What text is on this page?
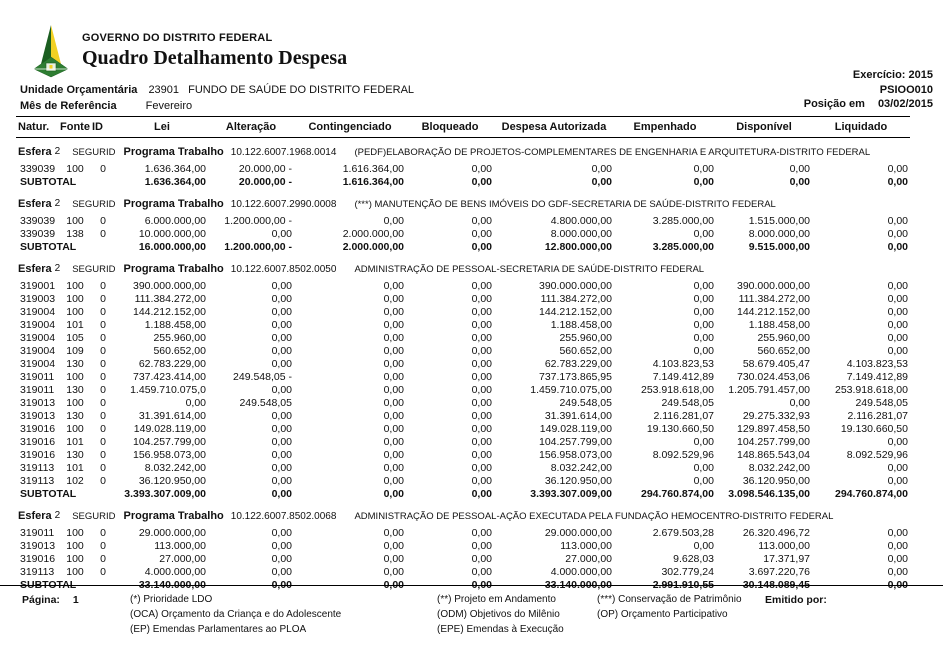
GOVERNO DO DISTRITO FEDERAL
Quadro Detalhamento Despesa
Exercício: 2015
PSIOO010
Unidade Orçamentária 23901 FUNDO DE SAÚDE DO DISTRITO FEDERAL
Mês de Referência	Fevereiro	Posição em 03/02/2015
Natur.	Fonte	ID	Lei	Alteração	Contingenciado	Bloqueado	Despesa Autorizada	Empenhado	Disponível	Liquidado
Esfera 2 SEGURID Programa Trabalho 10.122.6007.1968.0014 (PEDF)ELABORAÇÃO DE PROJETOS-COMPLEMENTARES DE ENGENHARIA E ARQUITETURA-DISTRITO FEDERAL										
339039	100	0	1.636.364,00	20.000,00 -	1.616.364,00	0,00	0,00	0,00	0,00	0,00
SUBTOTAL			1.636.364,00	20.000,00 -	1.616.364,00	0,00	0,00	0,00	0,00	0,00
Esfera 2 SEGURID Programa Trabalho 10.122.6007.2990.0008 (***) MANUTENÇÃO DE BENS IMÓVEIS DO GDF-SECRETARIA DE SAÚDE-DISTRITO FEDERAL										
339039	100	0	6.000.000,00	1.200.000,00 -	0,00	0,00	4.800.000,00	3.285.000,00	1.515.000,00	0,00
339039	138	0	10.000.000,00	0,00	2.000.000,00	0,00	8.000.000,00	0,00	8.000.000,00	0,00
SUBTOTAL			16.000.000,00	1.200.000,00 -	2.000.000,00	0,00	12.800.000,00	3.285.000,00	9.515.000,00	0,00
Esfera 2 SEGURID Programa Trabalho 10.122.6007.8502.0050 ADMINISTRAÇÃO DE PESSOAL-SECRETARIA DE SAÚDE-DISTRITO FEDERAL										
319001	100	0	390.000.000,00	0,00	0,00	0,00	390.000.000,00	0,00	390.000.000,00	0,00
319003	100	0	111.384.272,00	0,00	0,00	0,00	111.384.272,00	0,00	111.384.272,00	0,00
319004	100	0	144.212.152,00	0,00	0,00	0,00	144.212.152,00	0,00	144.212.152,00	0,00
319004	101	0	1.188.458,00	0,00	0,00	0,00	1.188.458,00	0,00	1.188.458,00	0,00
319004	105	0	255.960,00	0,00	0,00	0,00	255.960,00	0,00	255.960,00	0,00
319004	109	0	560.652,00	0,00	0,00	0,00	560.652,00	0,00	560.652,00	0,00
319004	130	0	62.783.229,00	0,00	0,00	0,00	62.783.229,00	4.103.823,53	58.679.405,47	4.103.823,53
319011	100	0	737.423.414,00	249.548,05 -	0,00	0,00	737.173.865,95	7.149.412,89	730.024.453,06	7.149.412,89
319011	130	0	1.459.710.075,0	0,00	0,00	0,00	1.459.710.075,00	253.918.618,00	1.205.791.457,00	253.918.618,00
319013	100	0	0,00	249.548,05	0,00	0,00	249.548,05	249.548,05	0,00	249.548,05
319013	130	0	31.391.614,00	0,00	0,00	0,00	31.391.614,00	2.116.281,07	29.275.332,93	2.116.281,07
319016	100	0	149.028.119,00	0,00	0,00	0,00	149.028.119,00	19.130.660,50	129.897.458,50	19.130.660,50
319016	101	0	104.257.799,00	0,00	0,00	0,00	104.257.799,00	0,00	104.257.799,00	0,00
319016	130	0	156.958.073,00	0,00	0,00	0,00	156.958.073,00	8.092.529,96	148.865.543,04	8.092.529,96
319113	101	0	8.032.242,00	0,00	0,00	0,00	8.032.242,00	0,00	8.032.242,00	0,00
319113	102	0	36.120.950,00	0,00	0,00	0,00	36.120.950,00	0,00	36.120.950,00	0,00
SUBTOTAL			3.393.307.009,00	0,00	0,00	0,00	3.393.307.009,00	294.760.874,00	3.098.546.135,00	294.760.874,00
Esfera 2 SEGURID Programa Trabalho 10.122.6007.8502.0068 ADMINISTRAÇÃO DE PESSOAL-AÇÃO EXECUTADA PELA FUNDAÇÃO HEMOCENTRO-DISTRITO FEDERAL										
319011	100	0	29.000.000,00	0,00	0,00	0,00	29.000.000,00	2.679.503,28	26.320.496,72	0,00
319013	100	0	113.000,00	0,00	0,00	0,00	113.000,00	0,00	113.000,00	0,00
319016	100	0	27.000,00	0,00	0,00	0,00	27.000,00	9.628,03	17.371,97	0,00
319113	100	0	4.000.000,00	0,00	0,00	0,00	4.000.000,00	302.779,24	3.697.220,76	0,00
SUBTOTAL			33.140.000,00	0,00	0,00	0,00	33.140.000,00	2.991.910,55	30.148.089,45	0,00
Página: 1	(*) Prioridade LDO
(OCA) Orçamento da Criança e do Adolescente
(EP) Emendas Parlamentares ao PLOA
(**) Projeto em Andamento
(ODM) Objetivos do Milênio
(EPE) Emendas à Execução
(***) Conservação de Patrimônio
(OP) Orçamento Participativo
Emitido por:
